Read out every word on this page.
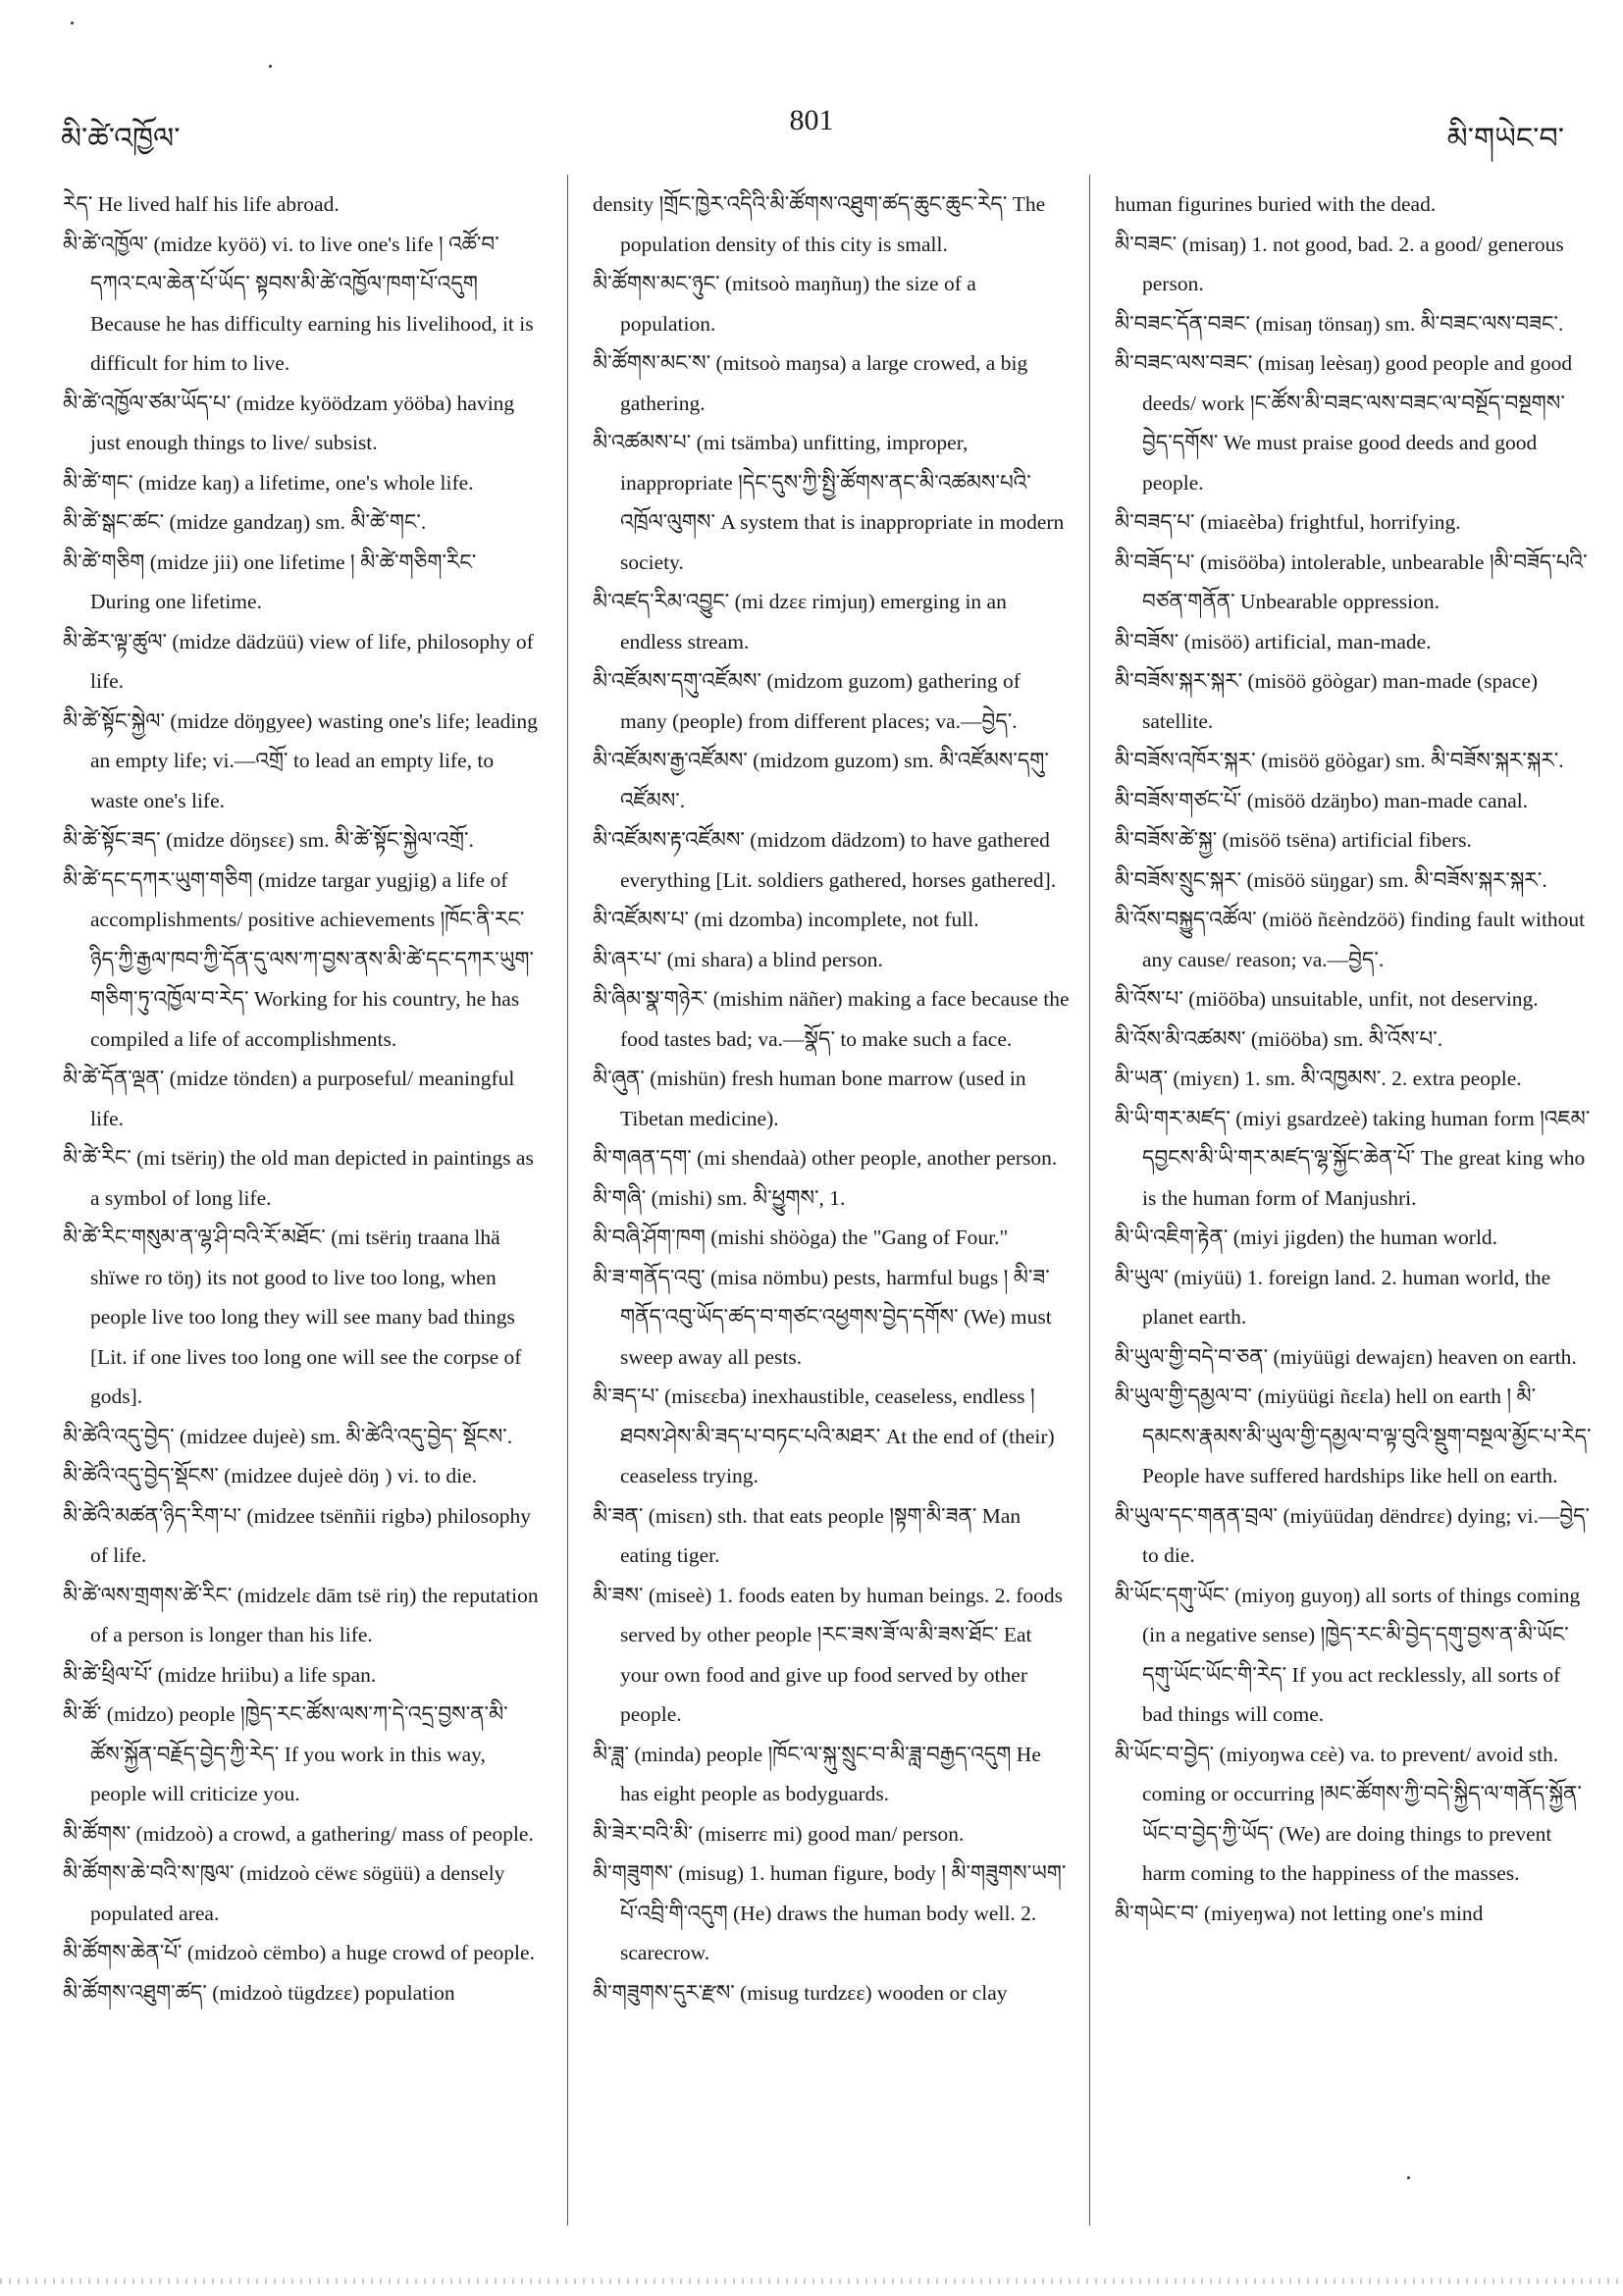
མི་ཚེ་འཁྱོལ་
801
མི་གཡེང་བ་

རེད་ He lived half his life abroad.

མི་ཚེ་འཁྱོལ་ (midze kyöö) vi. to live one's life ། འཚོ་བ་དཀའ་ངལ་ཆེན་པོ་ཡོད་ སྟབས་མི་ཚེ་འཁྱོལ་ཁག་པོ་འདུག Because he has difficulty earning his livelihood, it is difficult for him to live.

མི་ཚེ་འཁྱོལ་ཙམ་ཡོད་པ་ (midze kyöödzam yööba) having just enough things to live/ subsist.

མི་ཚེ་གང་ (midze kaŋ) a lifetime, one's whole life.

མི་ཚེ་སྒང་ཚང་ (midze gandzaŋ) sm. མི་ཚེ་གང་.

མི་ཚེ་གཅིག (midze jii) one lifetime ། མི་ཚེ་གཅིག་རིང་ During one lifetime.

མི་ཚེར་ལྟ་ཚུལ་ (midze dädzüü) view of life, philosophy of life.

མི་ཚེ་སྟོང་སྐྱེལ་ (midze döŋgyee) wasting one's life; leading an empty life; vi.—འགྲོ་ to lead an empty life, to waste one's life.

མི་ཚེ་སྟོང་ཟད་ (midze döŋsεε) sm. མི་ཚེ་སྟོང་སྐྱེལ་འགྲོ་.

མི་ཚེ་དང་དཀར་ཡུག་གཅིག (midze targar yugjig) a life of accomplishments/ positive achievements །ཁོང་ནི་རང་ཉིད་ཀྱི་རྒྱལ་ཁབ་ཀྱི་དོན་དུ་ལས་ཀ་བྱས་ནས་མི་ཚེ་དང་དཀར་ཡུག་གཅིག་ཏུ་འཁྱོལ་བ་རེད་ Working for his country, he has compiled a life of accomplishments.

མི་ཚེ་དོན་ལྡན་ (midze töndεn) a purposeful/ meaningful life.

མི་ཚེ་རིང་ (mi tsëriŋ) the old man depicted in paintings as a symbol of long life.

མི་ཚེ་རིང་གསུམ་ན་ལྷ་ཤི་བའི་རོ་མཐོང་ (mi tsëriŋ traana lhä shïwe ro töŋ) its not good to live too long, when people live too long they will see many bad things [Lit. if one lives too long one will see the corpse of gods].

མི་ཚེའི་འདུ་བྱེད་ (midzee dujeè) sm. མི་ཚེའི་འདུ་བྱེད་ སྡོངས་.

མི་ཚེའི་འདུ་བྱེད་སྡོངས་ (midzee dujeè döŋ ) vi. to die.

མི་ཚེའི་མཚན་ཉིད་རིག་པ་ (midzee tsënñii rigbə) philosophy of life.

མི་ཚེ་ལས་གྲགས་ཚེ་རིང་ (midzelε dām tsë riŋ) the reputation of a person is longer than his life.

མི་ཚེ་ཕྲིལ་པོ་ (midze hriibu) a life span.

མི་ཚོ་ (midzo) people །ཁྱེད་རང་ཚོས་ལས་ཀ་དེ་འདྲ་བྱས་ན་མི་ཚོས་སྐྱོན་བརྗོད་བྱེད་ཀྱི་རེད་ If you work in this way, people will criticize you.

མི་ཚོགས་ (midzoò) a crowd, a gathering/ mass of people.

མི་ཚོགས་ཆེ་བའི་ས་ཁུལ་ (midzoò cëwε sögüü) a densely populated area.

མི་ཚོགས་ཆེན་པོ་ (midzoò cëmbo) a huge crowd of people.

མི་ཚོགས་འཐུག་ཚད་ (midzoò tügdzεε) population

density །གྲོང་ཁྱེར་འདིའི་མི་ཚོགས་འཐུག་ཚད་ཆུང་ཆུང་རེད་ The population density of this city is small.

མི་ཚོགས་མང་ཉུང་ (mitsoò maŋñuŋ) the size of a population.

མི་ཚོགས་མང་ས་ (mitsoò maŋsa) a large crowed, a big gathering.

མི་འཚམས་པ་ (mi tsämba) unfitting, improper, inappropriate །དེང་དུས་ཀྱི་སྤྱི་ཚོགས་ནང་མི་འཚམས་པའི་འཁྲོལ་ལུགས་ A system that is inappropriate in modern society.

མི་འཛད་རིམ་འབྱུང་ (mi dzεε rimjuŋ) emerging in an endless stream.

མི་འཛོམས་དགུ་འཛོམས་ (midzom guzom) gathering of many (people) from different places; va.—བྱེད་.

མི་འཛོམས་རྒྱ་འཛོམས་ (midzom guzom) sm. མི་འཛོམས་དགུ་འཛོམས་.

མི་འཛོམས་རྟ་འཛོམས་ (midzom dädzom) to have gathered everything [Lit. soldiers gathered, horses gathered].

མི་འཛོམས་པ་ (mi dzomba) incomplete, not full.

མི་ཞར་པ་ (mi shara) a blind person.

མི་ཞིམ་སྣ་གཉེར་ (mishim näñer) making a face because the food tastes bad; va.—སྣོད་ to make such a face.

མི་ཞུན་ (mishün) fresh human bone marrow (used in Tibetan medicine).

མི་གཞན་དག་ (mi shendaà) other people, another person.

མི་གཞི་ (mishi) sm. མི་ཕྱུགས་, 1.

མི་བཞི་ཤོག་ཁག (mishi shöòga) the "Gang of Four."

མི་ཟ་གནོད་འབུ་ (misa nömbu) pests, harmful bugs ། མི་ཟ་གནོད་འབུ་ཡོད་ཚད་བ་གཙང་འཕྱགས་བྱེད་དགོས་ (We) must sweep away all pests.

མི་ཟད་པ་ (misεεba) inexhaustible, ceaseless, endless །ཐབས་ཤེས་མི་ཟད་པ་བཏང་པའི་མཐར་ At the end of (their) ceaseless trying.

མི་ཟན་ (misεn) sth. that eats people །སྟག་མི་ཟན་ Man eating tiger.

མི་ཟས་ (miseè) 1. foods eaten by human beings. 2. foods served by other people །རང་ཟས་ཟོ་ལ་མི་ཟས་ཐོང་ Eat your own food and give up food served by other people.

མི་ཟླ་ (minda) people །ཁོང་ལ་སྐུ་སྲུང་བ་མི་ཟླ་བརྒྱད་འདུག He has eight people as bodyguards.

མི་ཟེར་བའི་མི་ (miserrε mi) good man/ person.

མི་གཟུགས་ (misug) 1. human figure, body ། མི་གཟུགས་ཡག་པོ་འབྲི་གི་འདུག (He) draws the human body well. 2. scarecrow.

མི་གཟུགས་དུར་རྫས་ (misug turdzεε) wooden or clay

human figurines buried with the dead.

མི་བཟང་ (misaŋ) 1. not good, bad. 2. a good/ generous person.

མི་བཟང་དོན་བཟང་ (misaŋ tönsaŋ) sm. མི་བཟང་ལས་བཟང་.

མི་བཟང་ལས་བཟང་ (misaŋ leèsaŋ) good people and good deeds/ work །ང་ཚོས་མི་བཟང་ལས་བཟང་ལ་བསྔོད་བསྔགས་བྱེད་དགོས་ We must praise good deeds and good people.

མི་བཟད་པ་ (miaεèba) frightful, horrifying.

མི་བཟོད་པ་ (misööba) intolerable, unbearable །མི་བཟོད་པའི་བཙན་གནོན་ Unbearable oppression.

མི་བཟོས་ (misöö) artificial, man-made.

མི་བཟོས་སྐར་སྐར་ (misöö göògar) man-made (space) satellite.

མི་བཟོས་འཁོར་སྐར་ (misöö göògar) sm. མི་བཟོས་སྐར་སྐར་.

མི་བཟོས་གཙང་པོ་ (misöö dzäŋbo) man-made canal.

མི་བཟོས་ཚེ་སྐྱ་ (misöö tsëna) artificial fibers.

མི་བཟོས་སྲུང་སྐར་ (misöö süŋgar) sm. མི་བཟོས་སྐར་སྐར་.

མི་འོས་བསྐྱུད་འཚོལ་ (miöö ñεèndzöö) finding fault without any cause/ reason; va.—བྱེད་.

མི་འོས་པ་ (miööba) unsuitable, unfit, not deserving.

མི་འོས་མི་འཚམས་ (miööba) sm. མི་འོས་པ་.

མི་ཡན་ (miyεn) 1. sm. མི་འཁྱམས་. 2. extra people.

མི་ཡི་གར་མཛད་ (miyi gsardzeè) taking human form །འཇམ་དབྱངས་མི་ཡི་གར་མཛད་ལྷ་སྐྱོང་ཆེན་པོ་ The great king who is the human form of Manjushri.

མི་ཡི་འཇིག་རྟེན་ (miyi jigden) the human world.

མི་ཡུལ་ (miyüü) 1. foreign land. 2. human world, the planet earth.

མི་ཡུལ་གྱི་བདེ་བ་ཅན་ (miyüügi dewajεn) heaven on earth.

མི་ཡུལ་གྱི་དམྱལ་བ་ (miyüügi ñεεla) hell on earth ། མི་དམངས་རྣམས་མི་ཡུལ་གྱི་དམྱལ་བ་ལྟ་བུའི་སྡུག་བསྔལ་མྱོང་པ་རེད་ People have suffered hardships like hell on earth.

མི་ཡུལ་དང་གནན་བྲལ་ (miyüüdaŋ dëndrεε) dying; vi.—བྱེད་ to die.

མི་ཡོང་དགུ་ཡོང་ (miyoŋ guyoŋ) all sorts of things coming (in a negative sense) །ཁྱེད་རང་མི་བྱེད་དགུ་བྱས་ན་མི་ཡོང་དགུ་ཡོང་ཡོང་གི་རེད་ If you act recklessly, all sorts of bad things will come.

མི་ཡོང་བ་བྱེད་ (miyoŋwa cεè) va. to prevent/ avoid sth. coming or occurring །མང་ཚོགས་ཀྱི་བདེ་སྐྱིད་ལ་གནོད་སྐྱོན་ཡོང་བ་བྱེད་ཀྱི་ཡོད་ (We) are doing things to prevent harm coming to the happiness of the masses.

མི་གཡེང་བ་ (miyeŋwa) not letting one's mind
